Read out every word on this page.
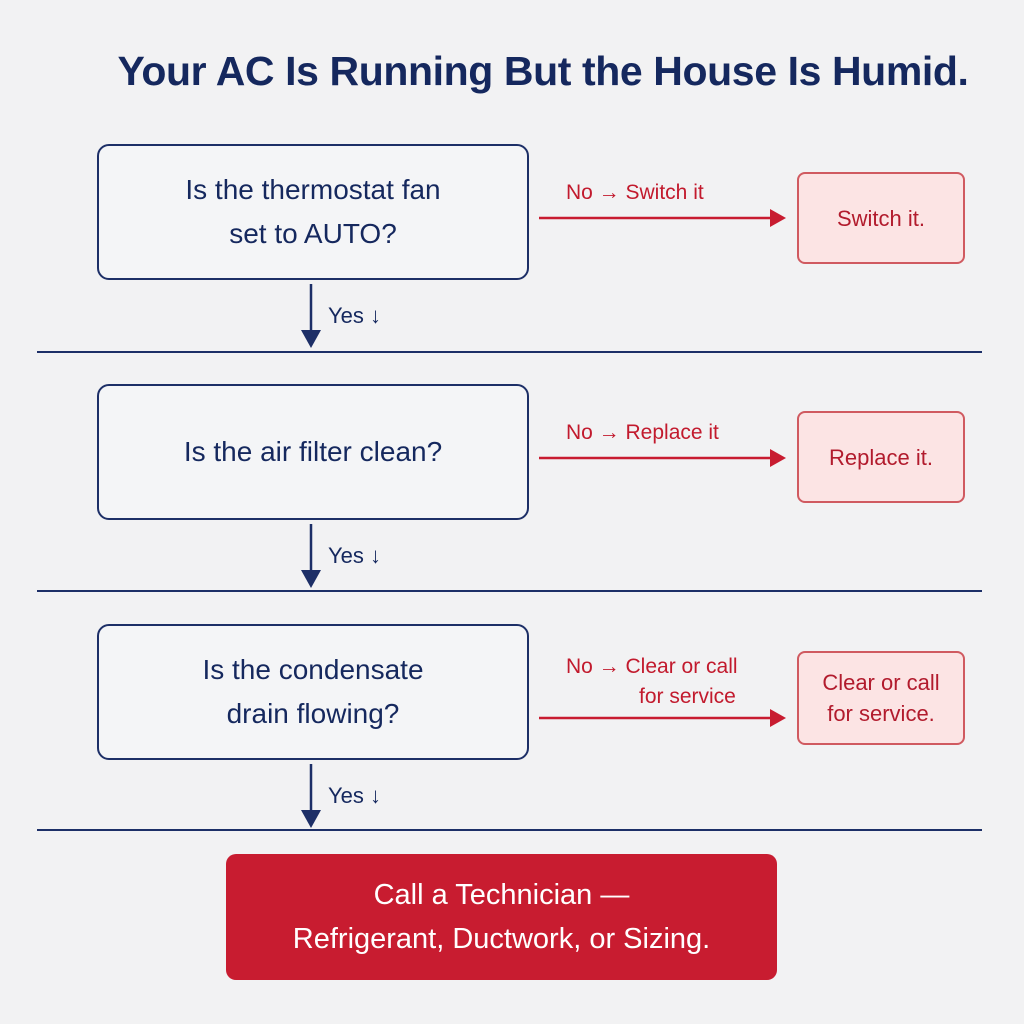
Your AC Is Running But the House Is Humid.
Is the thermostat fan
set to AUTO?
No → Switch it
Switch it.
Yes ↓
Is the air filter clean?
No → Replace it
Replace it.
Yes ↓
Is the condensate
drain flowing?
No → Clear or call
for service
Clear or call
for service.
Yes ↓
Call a Technician —
Refrigerant, Ductwork, or Sizing.
